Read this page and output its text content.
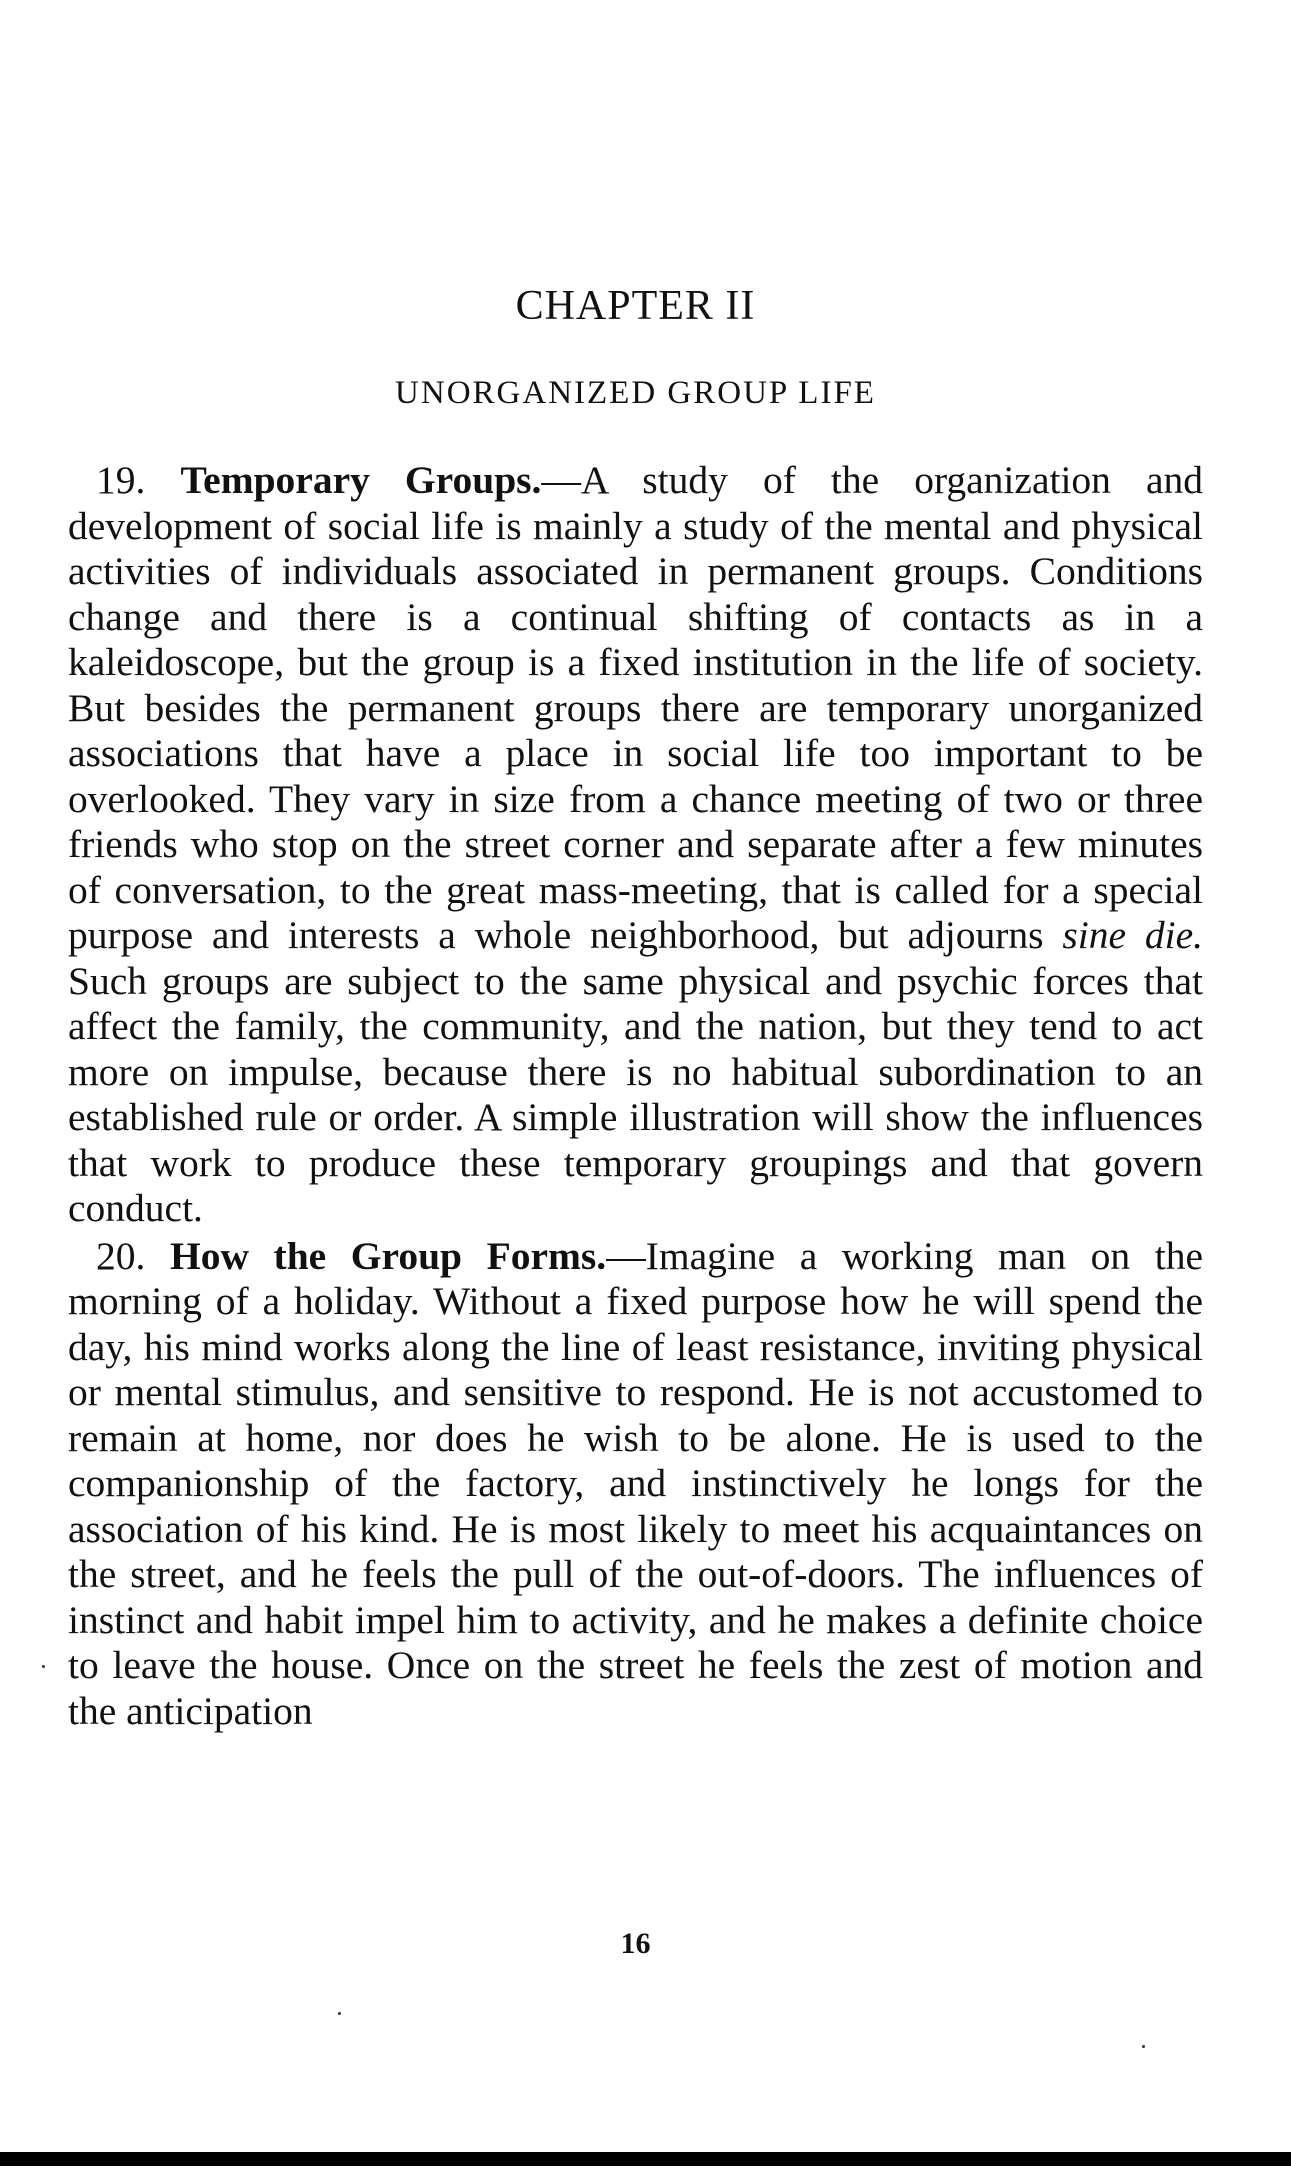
CHAPTER II
UNORGANIZED GROUP LIFE

19. Temporary Groups.—A study of the organization and development of social life is mainly a study of the mental and physical activities of individuals associated in permanent groups. Conditions change and there is a continual shifting of contacts as in a kaleidoscope, but the group is a fixed institution in the life of society. But besides the permanent groups there are temporary unorganized associations that have a place in social life too important to be overlooked. They vary in size from a chance meeting of two or three friends who stop on the street corner and separate after a few minutes of conversation, to the great mass-meeting, that is called for a special purpose and interests a whole neighborhood, but adjourns sine die. Such groups are subject to the same physical and psychic forces that affect the family, the community, and the nation, but they tend to act more on impulse, because there is no habitual subordination to an established rule or order. A simple illustration will show the influences that work to produce these temporary groupings and that govern conduct.

20. How the Group Forms.—Imagine a working man on the morning of a holiday. Without a fixed purpose how he will spend the day, his mind works along the line of least resistance, inviting physical or mental stimulus, and sensitive to respond. He is not accustomed to remain at home, nor does he wish to be alone. He is used to the companionship of the factory, and instinctively he longs for the association of his kind. He is most likely to meet his acquaintances on the street, and he feels the pull of the out-of-doors. The influences of instinct and habit impel him to activity, and he makes a definite choice to leave the house. Once on the street he feels the zest of motion and the anticipation

16
